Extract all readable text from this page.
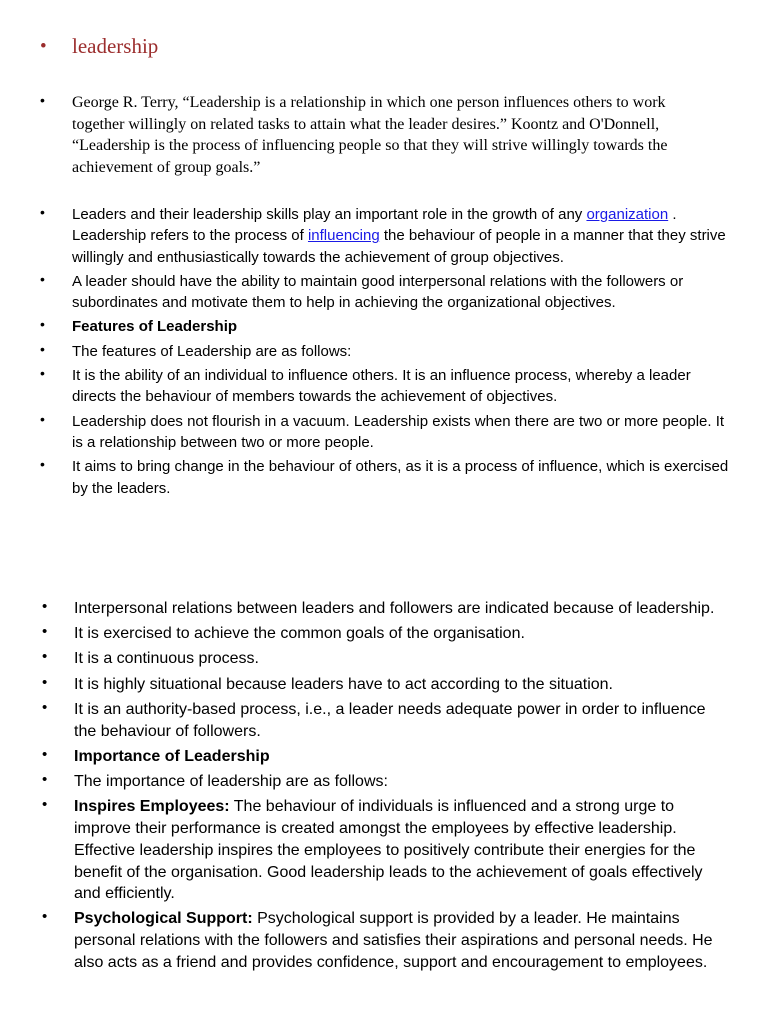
• leadership
• George R. Terry, “Leadership is a relationship in which one person influences others to work together willingly on related tasks to attain what the leader desires.” Koontz and O'Donnell, “Leadership is the process of influencing people so that they will strive willingly towards the achievement of group goals.”
• Leaders and their leadership skills play an important role in the growth of any organization . Leadership refers to the process of influencing the behaviour of people in a manner that they strive willingly and enthusiastically towards the achievement of group objectives.
• A leader should have the ability to maintain good interpersonal relations with the followers or subordinates and motivate them to help in achieving the organizational objectives.
• Features of Leadership
• The features of Leadership are as follows:
• It is the ability of an individual to influence others. It is an influence process, whereby a leader directs the behaviour of members towards the achievement of objectives.
• Leadership does not flourish in a vacuum. Leadership exists when there are two or more people. It is a relationship between two or more people.
• It aims to bring change in the behaviour of others, as it is a process of influence, which is exercised by the leaders.
• Interpersonal relations between leaders and followers are indicated because of leadership.
• It is exercised to achieve the common goals of the organisation.
• It is a continuous process.
• It is highly situational because leaders have to act according to the situation.
• It is an authority-based process, i.e., a leader needs adequate power in order to influence the behaviour of followers.
• Importance of Leadership
• The importance of leadership are as follows:
• Inspires Employees: The behaviour of individuals is influenced and a strong urge to improve their performance is created amongst the employees by effective leadership. Effective leadership inspires the employees to positively contribute their energies for the benefit of the organisation. Good leadership leads to the achievement of goals effectively and efficiently.
• Psychological Support: Psychological support is provided by a leader. He maintains personal relations with the followers and satisfies their aspirations and personal needs. He also acts as a friend and provides confidence, support and encouragement to employees.
